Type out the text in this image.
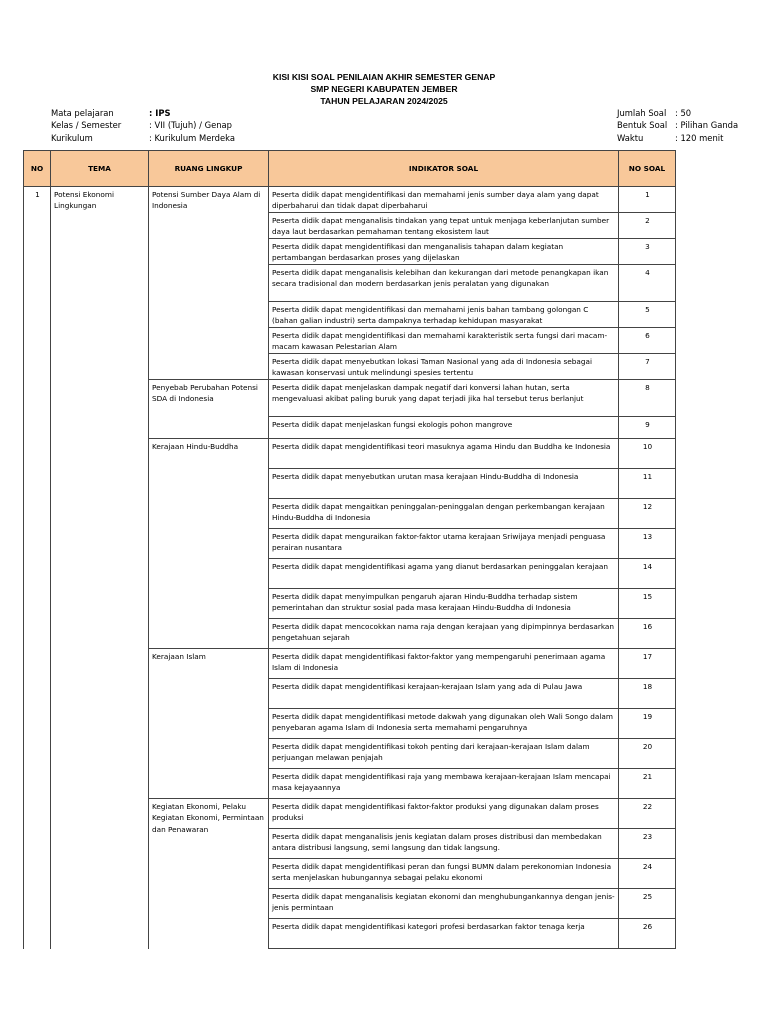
KISI KISI SOAL PENILAIAN AKHIR SEMESTER GENAP
SMP NEGERI KABUPATEN JEMBER
TAHUN PELAJARAN 2024/2025
Mata pelajaran	: IPS
Kelas / Semester	: VII (Tujuh) / Genap
Kurikulum	: Kurikulum Merdeka
Jumlah Soal	: 50
Bentuk Soal : Pilihan Ganda
Waktu	: 120 menit
NO	TEMA	RUANG LINGKUP	INDIKATOR SOAL	NO SOAL
1	Potensi Ekonomi Lingkungan	Potensi Sumber Daya Alam di Indonesia	Peserta didik dapat mengidentifikasi dan memahami jenis sumber daya alam yang dapat diperbaharui dan tidak dapat diperbaharui	1
			Peserta didik dapat menganalisis tindakan yang tepat untuk menjaga keberlanjutan sumber daya laut berdasarkan pemahaman tentang ekosistem laut	2
			Peserta didik dapat mengidentifikasi dan menganalisis tahapan dalam kegiatan pertambangan berdasarkan proses yang dijelaskan	3
			Peserta didik dapat menganalisis kelebihan dan kekurangan dari metode penangkapan ikan secara tradisional dan modern berdasarkan jenis peralatan yang digunakan	4
			Peserta didik dapat mengidentifikasi dan memahami jenis bahan tambang golongan C (bahan galian industri) serta dampaknya terhadap kehidupan masyarakat	5
			Peserta didik dapat mengidentifikasi dan memahami karakteristik serta fungsi dari macam-macam kawasan Pelestarian Alam	6
			Peserta didik dapat menyebutkan lokasi Taman Nasional yang ada di Indonesia sebagai kawasan konservasi untuk melindungi spesies tertentu	7
		Penyebab Perubahan Potensi SDA di Indonesia	Peserta didik dapat menjelaskan dampak negatif dari konversi lahan hutan, serta mengevaluasi akibat paling buruk yang dapat terjadi jika hal tersebut terus berlanjut	8
			Peserta didik dapat menjelaskan fungsi ekologis pohon mangrove	9
		Kerajaan Hindu-Buddha	Peserta didik dapat mengidentifikasi teori masuknya agama Hindu dan Buddha ke Indonesia	10
			Peserta didik dapat menyebutkan urutan masa kerajaan Hindu-Buddha di Indonesia	11
			Peserta didik dapat mengaitkan peninggalan-peninggalan dengan perkembangan kerajaan Hindu-Buddha di Indonesia	12
			Peserta didik dapat menguraikan faktor-faktor utama kerajaan Sriwijaya menjadi penguasa perairan nusantara	13
			Peserta didik dapat mengidentifikasi agama yang dianut berdasarkan peninggalan kerajaan	14
			Peserta didik dapat menyimpulkan pengaruh ajaran Hindu-Buddha terhadap sistem pemerintahan dan struktur sosial pada masa kerajaan Hindu-Buddha di Indonesia	15
			Peserta didik dapat mencocokkan nama raja dengan kerajaan yang dipimpinnya berdasarkan pengetahuan sejarah	16
		Kerajaan Islam	Peserta didik dapat mengidentifikasi faktor-faktor yang mempengaruhi penerimaan agama Islam di Indonesia	17
			Peserta didik dapat mengidentifikasi kerajaan-kerajaan Islam yang ada di Pulau Jawa	18
			Peserta didik dapat mengidentifikasi metode dakwah yang digunakan oleh Wali Songo dalam penyebaran agama Islam di Indonesia serta memahami pengaruhnya	19
			Peserta didik dapat mengidentifikasi tokoh penting dari kerajaan-kerajaan Islam dalam perjuangan melawan penjajah	20
			Peserta didik dapat mengidentifikasi raja yang membawa kerajaan-kerajaan Islam mencapai masa kejayaannya	21
		Kegiatan Ekonomi, Pelaku Kegiatan Ekonomi, Permintaan dan Penawaran	Peserta didik dapat mengidentifikasi faktor-faktor produksi yang digunakan dalam proses produksi	22
			Peserta didik dapat menganalisis jenis kegiatan dalam proses distribusi dan membedakan antara distribusi langsung, semi langsung dan tidak langsung.	23
			Peserta didik dapat mengidentifikasi peran dan fungsi BUMN dalam perekonomian Indonesia serta menjelaskan hubungannya sebagai pelaku ekonomi	24
			Peserta didik dapat menganalisis kegiatan ekonomi dan menghubungankannya dengan jenis-jenis permintaan	25
			Peserta didik dapat mengidentifikasi kategori profesi berdasarkan faktor tenaga kerja	26
